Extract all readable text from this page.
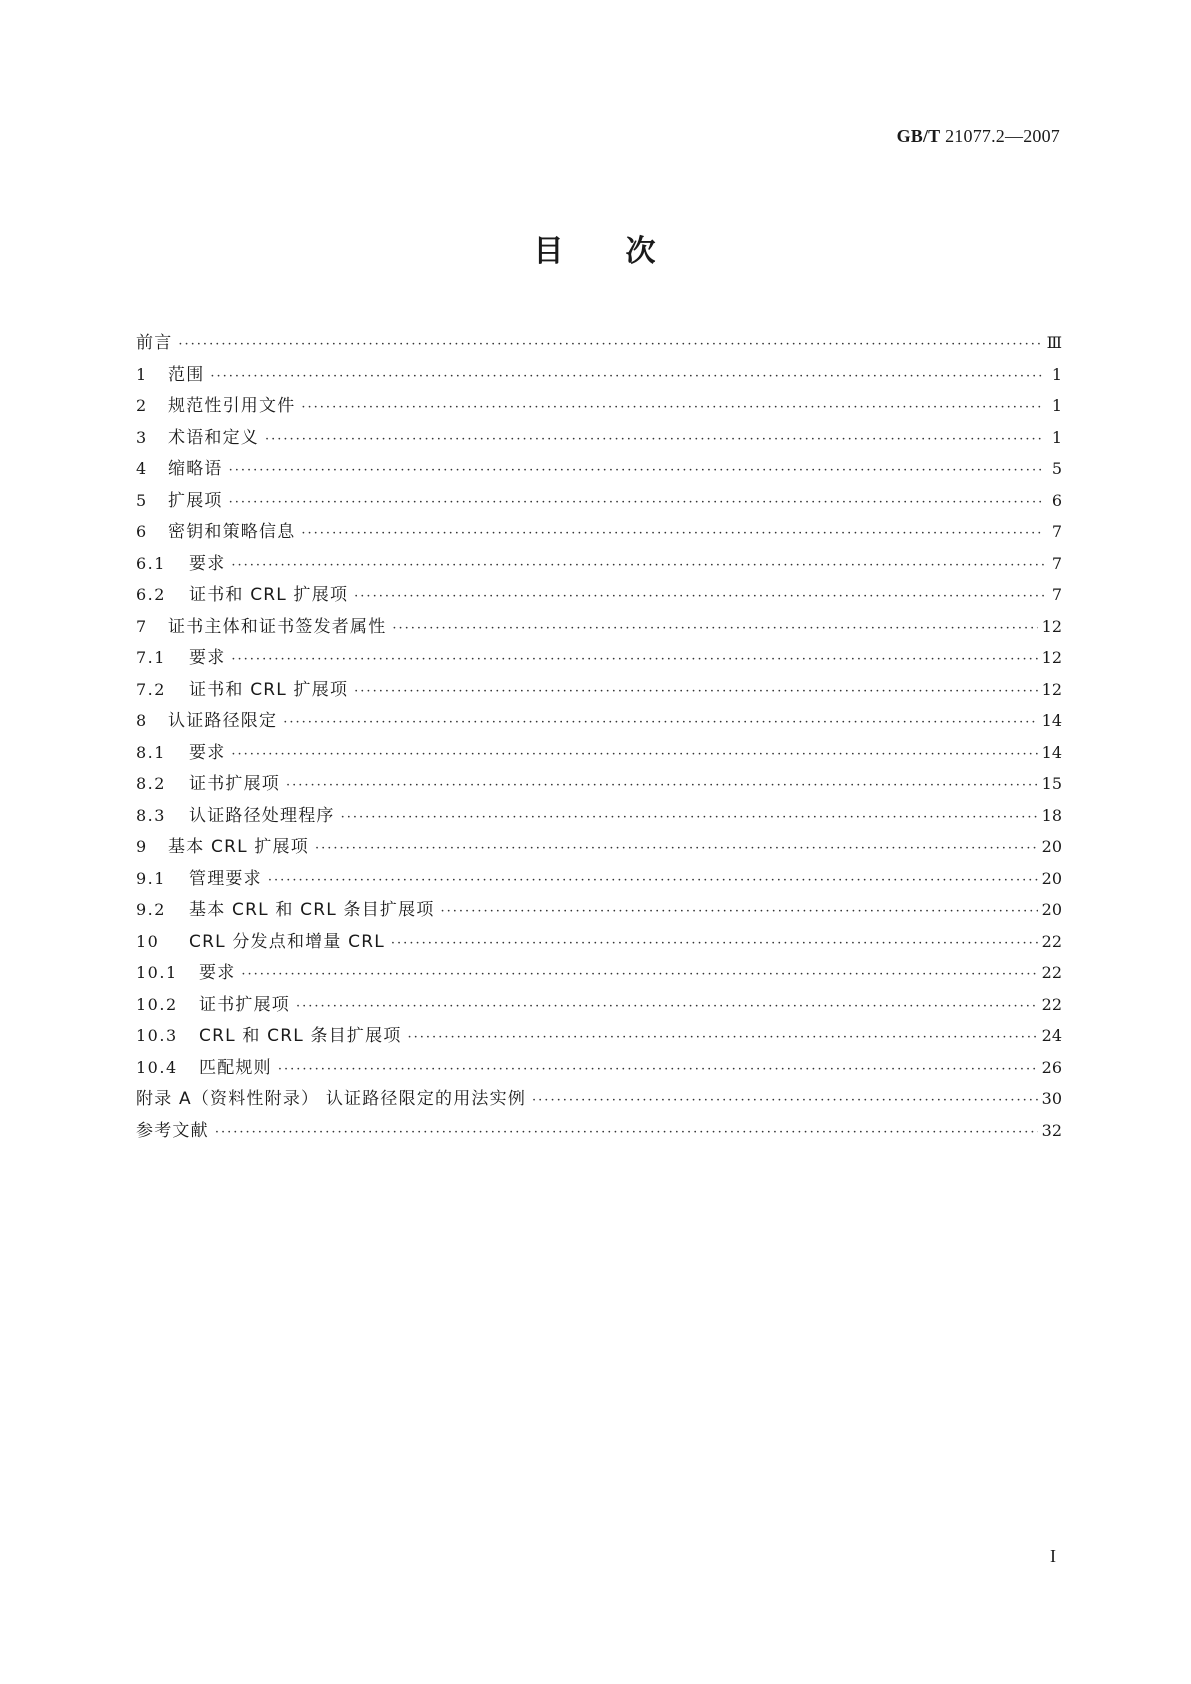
GB/T 21077.2—2007
目 次
前言 ·····	Ⅲ
1	范围 ·····	1
2	规范性引用文件 ·····	1
3	术语和定义 ·····	1
4	缩略语 ·····	5
5	扩展项 ·····	6
6	密钥和策略信息 ·····	7
6.1	要求 ·····	7
6.2	证书和 CRL 扩展项 ·····	7
7	证书主体和证书签发者属性 ·····	12
7.1	要求 ·····	12
7.2	证书和 CRL 扩展项 ·····	12
8	认证路径限定 ·····	14
8.1	要求 ·····	14
8.2	证书扩展项 ·····	15
8.3	认证路径处理程序 ·····	18
9	基本 CRL 扩展项 ·····	20
9.1	管理要求 ·····	20
9.2	基本 CRL 和 CRL 条目扩展项 ·····	20
10	CRL 分发点和增量 CRL ·····	22
10.1	要求 ·····	22
10.2	证书扩展项 ·····	22
10.3	CRL 和 CRL 条目扩展项 ·····	24
10.4	匹配规则 ·····	26
附录 A（资料性附录） 认证路径限定的用法实例 ·····	30
参考文献 ·····	32
I
